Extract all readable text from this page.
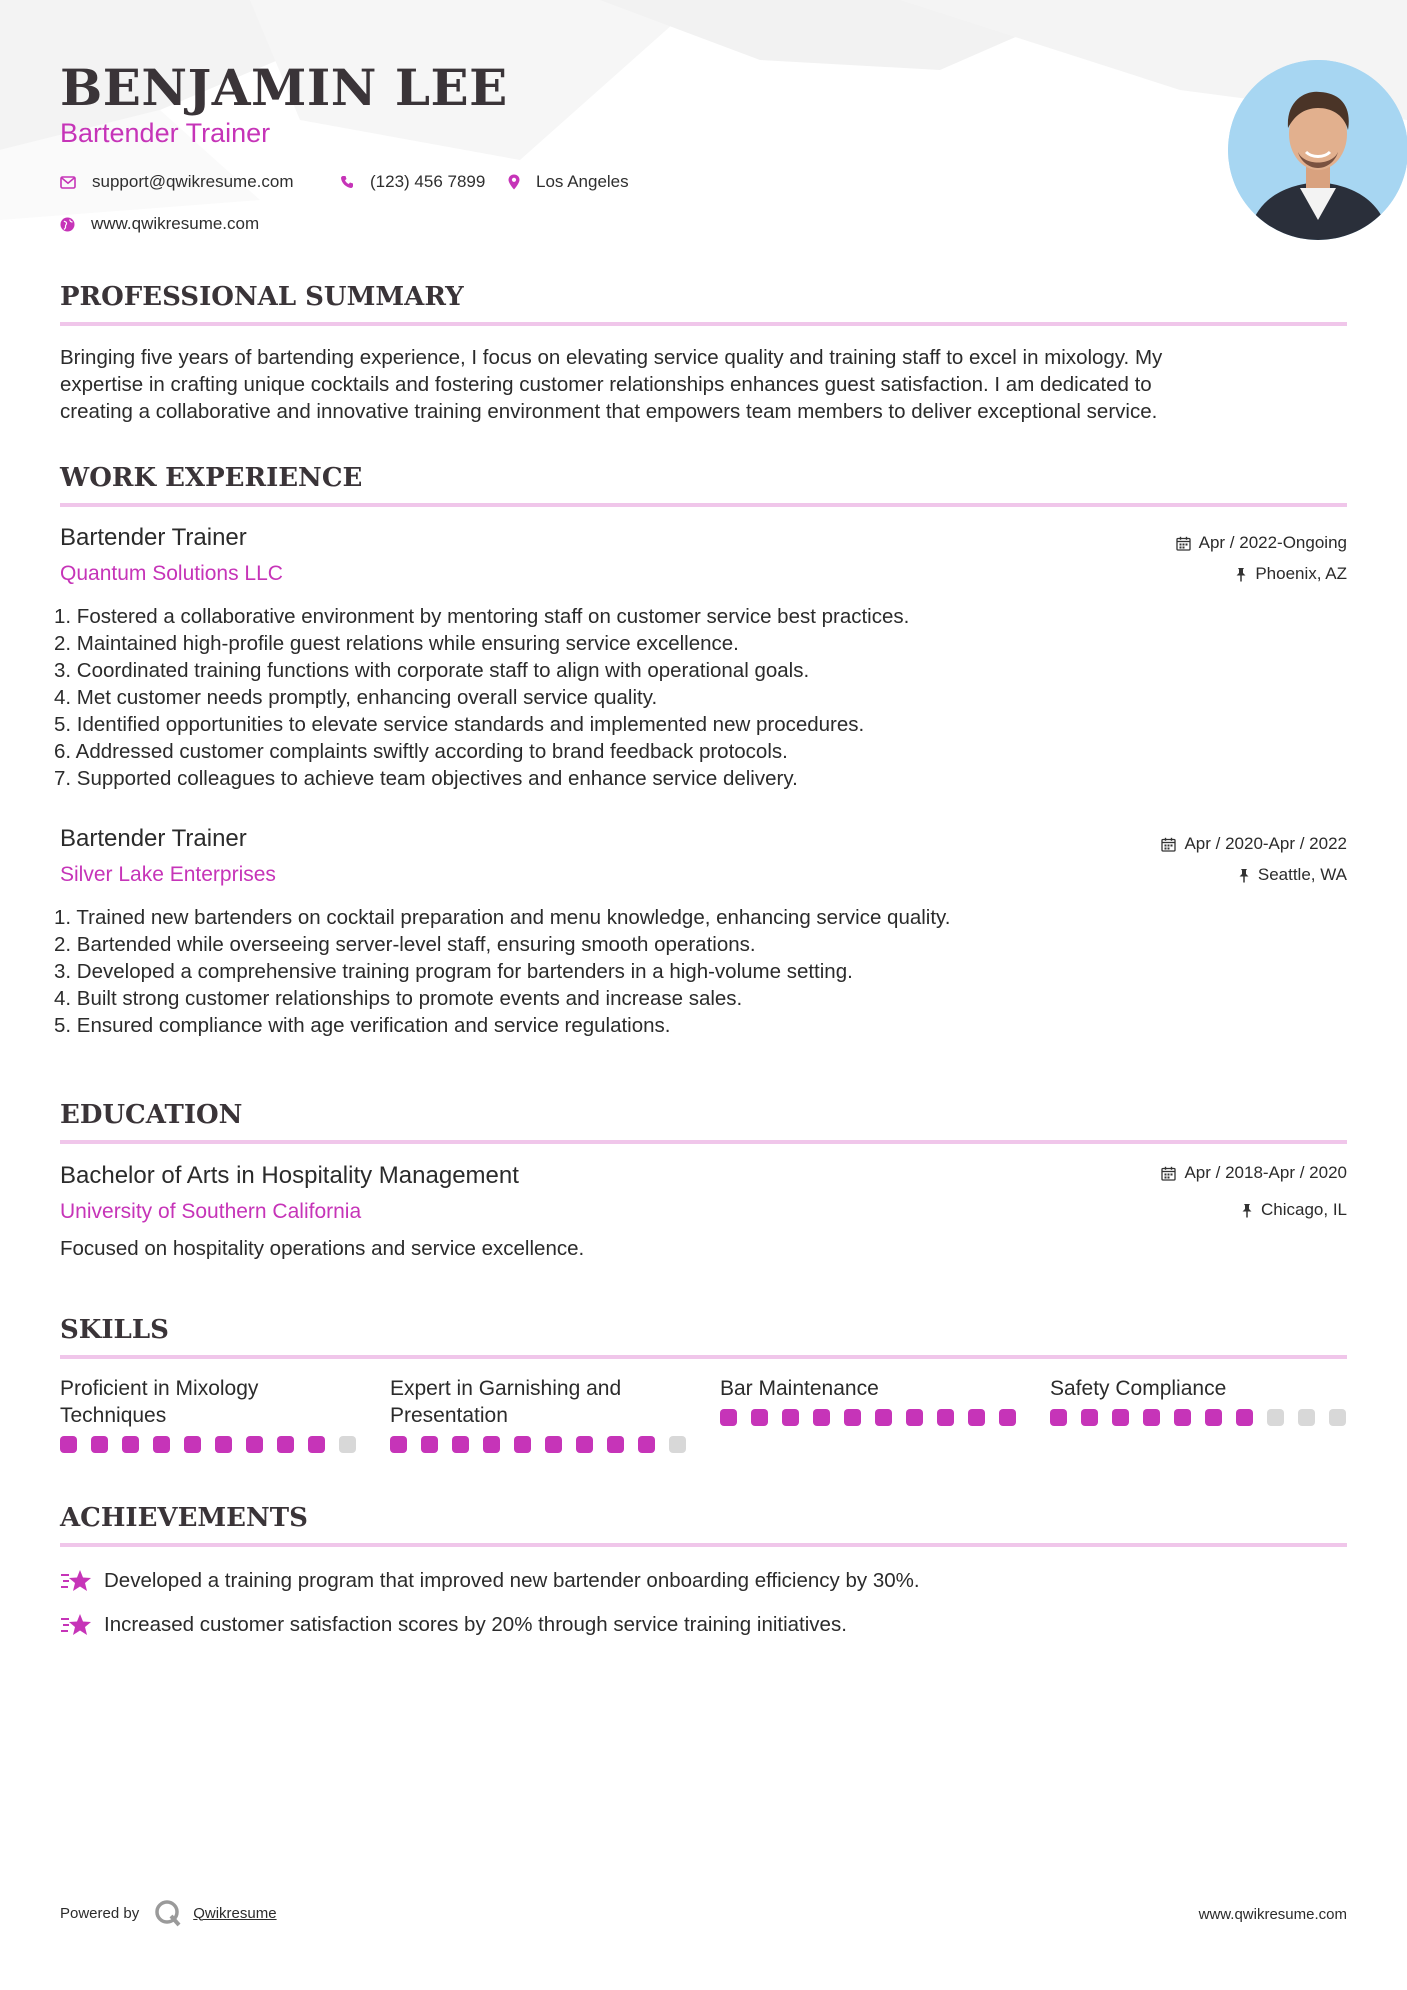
BENJAMIN LEE
Bartender Trainer
support@qwikresume.com	(123) 456 7899	Los Angeles
www.qwikresume.com
PROFESSIONAL SUMMARY
Bringing five years of bartending experience, I focus on elevating service quality and training staff to excel in mixology. My
expertise in crafting unique cocktails and fostering customer relationships enhances guest satisfaction. I am dedicated to
creating a collaborative and innovative training environment that empowers team members to deliver exceptional service.
WORK EXPERIENCE
Bartender Trainer
Quantum Solutions LLC
Apr / 2022-Ongoing
Phoenix, AZ
1. Fostered a collaborative environment by mentoring staff on customer service best practices.
2. Maintained high-profile guest relations while ensuring service excellence.
3. Coordinated training functions with corporate staff to align with operational goals.
4. Met customer needs promptly, enhancing overall service quality.
5. Identified opportunities to elevate service standards and implemented new procedures.
6. Addressed customer complaints swiftly according to brand feedback protocols.
7. Supported colleagues to achieve team objectives and enhance service delivery.
Bartender Trainer
Silver Lake Enterprises
Apr / 2020-Apr / 2022
Seattle, WA
1. Trained new bartenders on cocktail preparation and menu knowledge, enhancing service quality.
2. Bartended while overseeing server-level staff, ensuring smooth operations.
3. Developed a comprehensive training program for bartenders in a high-volume setting.
4. Built strong customer relationships to promote events and increase sales.
5. Ensured compliance with age verification and service regulations.
EDUCATION
Bachelor of Arts in Hospitality Management
University of Southern California
Apr / 2018-Apr / 2020
Chicago, IL
Focused on hospitality operations and service excellence.
SKILLS
Proficient in Mixology
Techniques
Expert in Garnishing and
Presentation
Bar Maintenance	Safety Compliance
ACHIEVEMENTS
Developed a training program that improved new bartender onboarding efficiency by 30%.
Increased customer satisfaction scores by 20% through service training initiatives.
Powered by	Qwikresume	www.qwikresume.com
